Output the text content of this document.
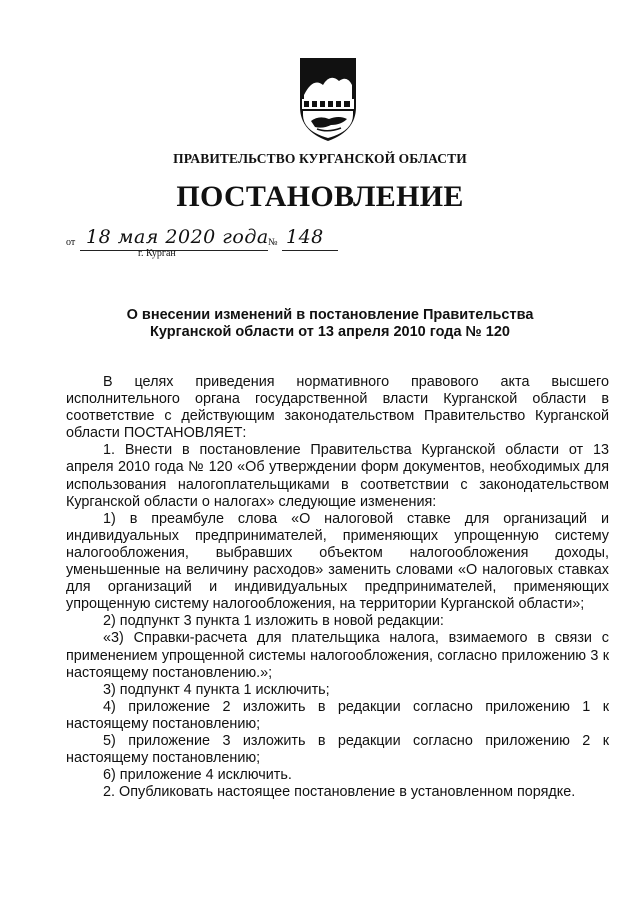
ПРАВИТЕЛЬСТВО КУРГАНСКОЙ ОБЛАСТИ
ПОСТАНОВЛЕНИЕ
от 18 мая 2020 года № 148
г. Курган
О внесении изменений в постановление Правительства
Курганской области от 13 апреля 2010 года № 120

В целях приведения нормативного правового акта высшего исполнительного органа государственной власти Курганской области в соответствие с действующим законодательством Правительство Курганской области ПОСТАНОВЛЯЕТ:

1. Внести в постановление Правительства Курганской области от 13 апреля 2010 года № 120 «Об утверждении форм документов, необходимых для использования налогоплательщиками в соответствии с законодательством Курганской области о налогах» следующие изменения:

1) в преамбуле слова «О налоговой ставке для организаций и индивидуальных предпринимателей, применяющих упрощенную систему налогообложения, выбравших объектом налогообложения доходы, уменьшенные на величину расходов» заменить словами «О налоговых ставках для организаций и индивидуальных предпринимателей, применяющих упрощенную систему налогообложения, на территории Курганской области»;

2) подпункт 3 пункта 1 изложить в новой редакции:

«3) Справки-расчета для плательщика налога, взимаемого в связи с применением упрощенной системы налогообложения, согласно приложению 3 к настоящему постановлению.»;

3) подпункт 4 пункта 1 исключить;

4) приложение 2 изложить в редакции согласно приложению 1 к настоящему постановлению;

5) приложение 3 изложить в редакции согласно приложению 2 к настоящему постановлению;

6) приложение 4 исключить.

2. Опубликовать настоящее постановление в установленном порядке.
